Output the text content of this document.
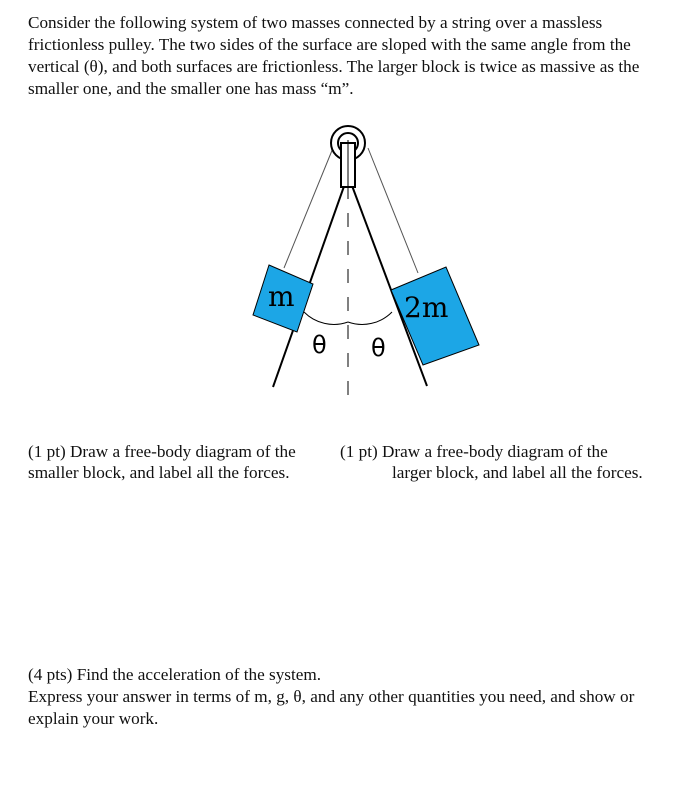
Consider the following system of two masses connected by a string over a massless frictionless pulley. The two sides of the surface are sloped with the same angle from the vertical (θ), and both surfaces are frictionless. The larger block is twice as massive as the smaller one, and the smaller one has mass “m”.

m	2m
θ θ

(1 pt) Draw a free-body diagram of the smaller block, and label all the forces.

(1 pt) Draw a free-body diagram of the
larger block, and label all the forces.

(4 pts) Find the acceleration of the system.
Express your answer in terms of m, g, θ, and any other quantities you need, and show or explain your work.
